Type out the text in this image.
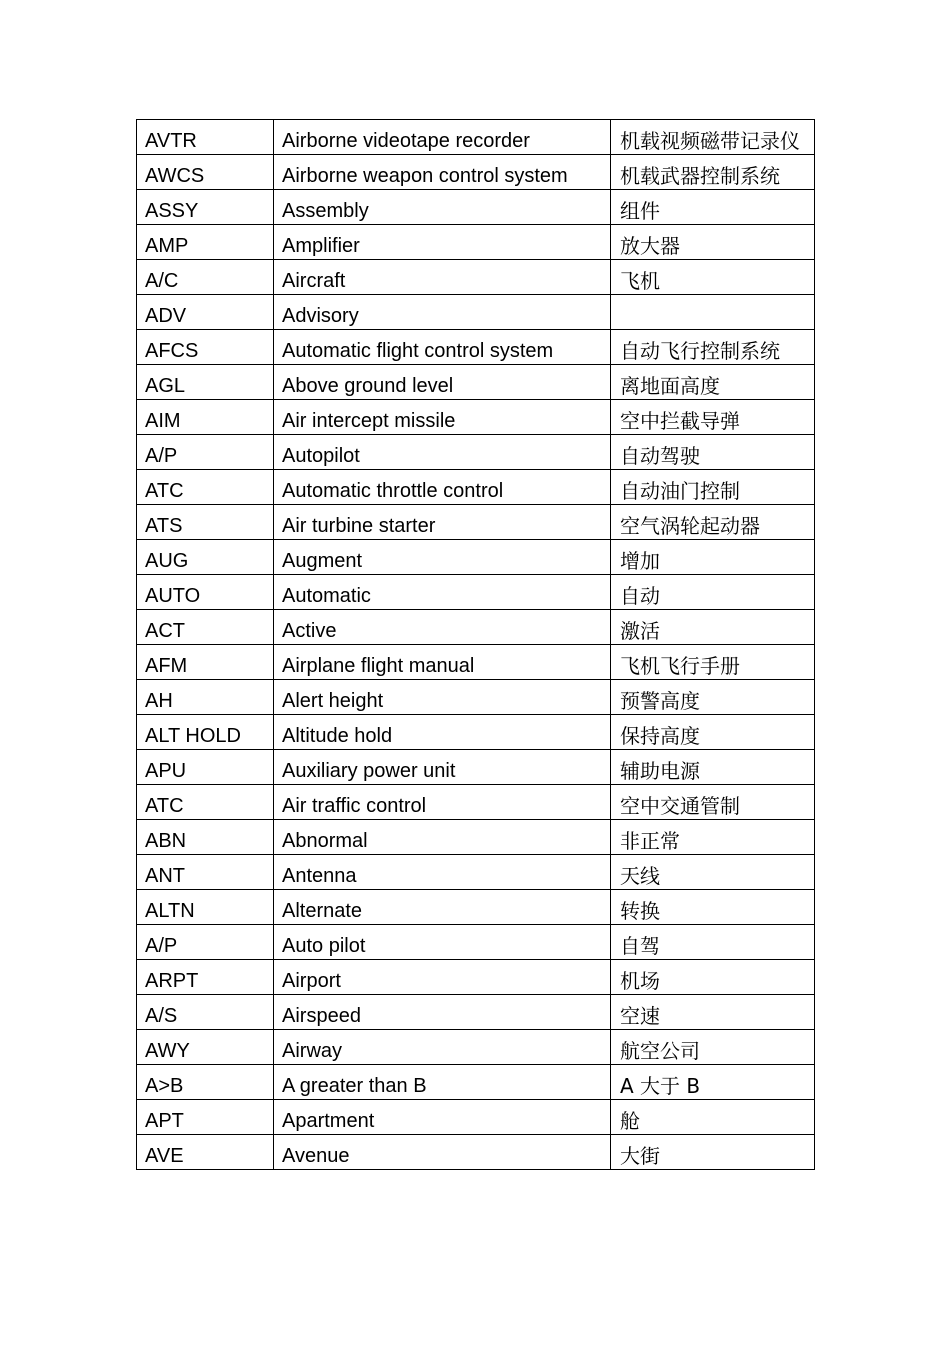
AVTR	Airborne videotape recorder	机载视频磁带记录仪
AWCS	Airborne weapon control system	机载武器控制系统
ASSY	Assembly	组件
AMP	Amplifier	放大器
A/C	Aircraft	飞机
ADV	Advisory	
AFCS	Automatic flight control system	自动飞行控制系统
AGL	Above ground level	离地面高度
AIM	Air intercept missile	空中拦截导弹
A/P	Autopilot	自动驾驶
ATC	Automatic throttle control	自动油门控制
ATS	Air turbine starter	空气涡轮起动器
AUG	Augment	增加
AUTO	Automatic	自动
ACT	Active	激活
AFM	Airplane flight manual	飞机飞行手册
AH	Alert height	预警高度
ALT HOLD	Altitude hold	保持高度
APU	Auxiliary power unit	辅助电源
ATC	Air traffic control	空中交通管制
ABN	Abnormal	非正常
ANT	Antenna	天线
ALTN	Alternate	转换
A/P	Auto pilot	自驾
ARPT	Airport	机场
A/S	Airspeed	空速
AWY	Airway	航空公司
A>B	A greater than B	A 大于 B
APT	Apartment	舱
AVE	Avenue	大街
